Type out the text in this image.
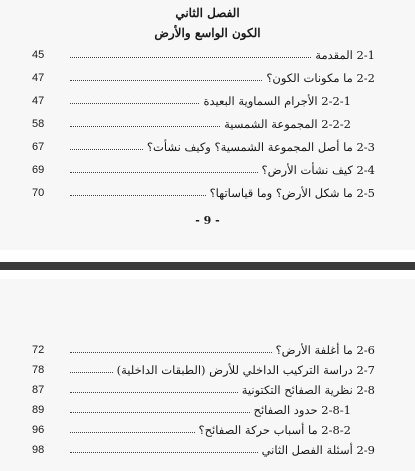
الفصل الثاني
الكون الواسع والأرض
45	2-1 المقدمة
47	2-2 ما مكونات الكون؟
47	2-2-1 الأجرام السماوية البعيدة
58	2-2-2 المجموعة الشمسية
67	2-3 ما أصل المجموعة الشمسية؟ وكيف نشأت؟
69	2-4 كيف نشأت الأرض؟
70	2-5 ما شكل الأرض؟ وما قياساتها؟
- 9 -
72	2-6 ما أغلفة الأرض؟
78	2-7 دراسة التركيب الداخلي للأرض (الطبقات الداخلية)
87	2-8 نظرية الصفائح التكتونية
89	2-8-1 حدود الصفائح
96	2-8-2 ما أسباب حركة الصفائح؟
98	2-9 أسئلة الفصل الثاني
